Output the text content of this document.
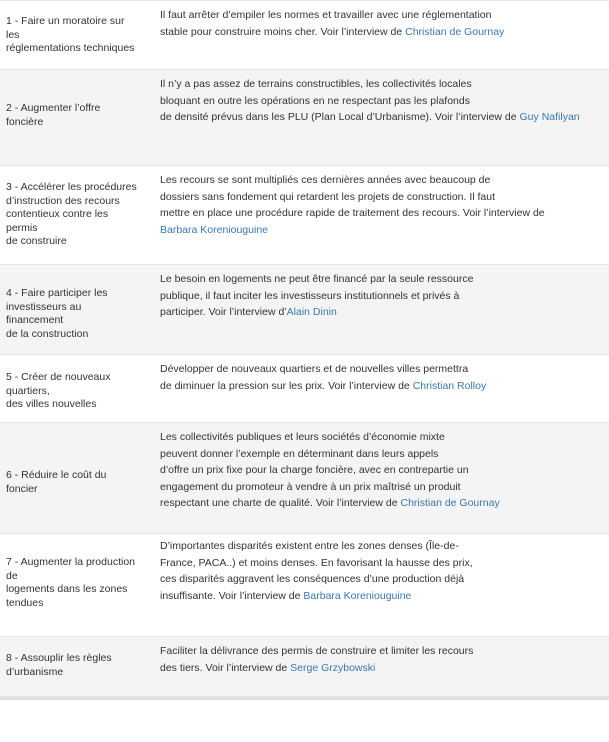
1 - Faire un moratoire sur
les
réglementations techniques

Il faut arrêter d’empiler les normes et travailler avec une réglementation
stable pour construire moins cher. Voir l’interview de Christian de Gournay

2 - Augmenter l’offre foncière

Il n’y a pas assez de terrains constructibles, les collectivités locales
bloquant en outre les opérations en ne respectant pas les plafonds
de densité prévus dans les PLU (Plan Local d’Urbanisme). Voir l’interview de Guy Nafilyan

3 - Accélérer les procédures
d’instruction des recours
contentieux contre les
permis
de construire

Les recours se sont multipliés ces dernières années avec beaucoup de
dossiers sans fondement qui retardent les projets de construction. Il faut
mettre en place une procédure rapide de traitement des recours. Voir l’interview de
Barbara Koreniouguine

4 - Faire participer les
investisseurs au
financement
de la construction

Le besoin en logements ne peut être financé par la seule ressource
publique, il faut inciter les investisseurs institutionnels et privés à
participer. Voir l’interview d’Alain Dinin

5 - Créer de nouveaux
quartiers,
des villes nouvelles

Développer de nouveaux quartiers et de nouvelles villes permettra
de diminuer la pression sur les prix. Voir l’interview de Christian Rolloy

6 - Réduire le coût du foncier

Les collectivités publiques et leurs sociétés d’économie mixte
peuvent donner l’exemple en déterminant dans leurs appels
d’offre un prix fixe pour la charge foncière, avec en contrepartie un
engagement du promoteur à vendre à un prix maîtrisé un produit
respectant une charte de qualité. Voir l’interview de Christian de Gournay

7 - Augmenter la production
de
logements dans les zones
tendues

D’importantes disparités existent entre les zones denses (Île-de-
France, PACA..) et moins denses. En favorisant la hausse des prix,
ces disparités aggravent les conséquences d’une production déjà
insuffisante. Voir l’interview de Barbara Koreniouguine

8 - Assouplir les règles
d’urbanisme

Faciliter la délivrance des permis de construire et limiter les recours
des tiers. Voir l’interview de Serge Grzybowski
